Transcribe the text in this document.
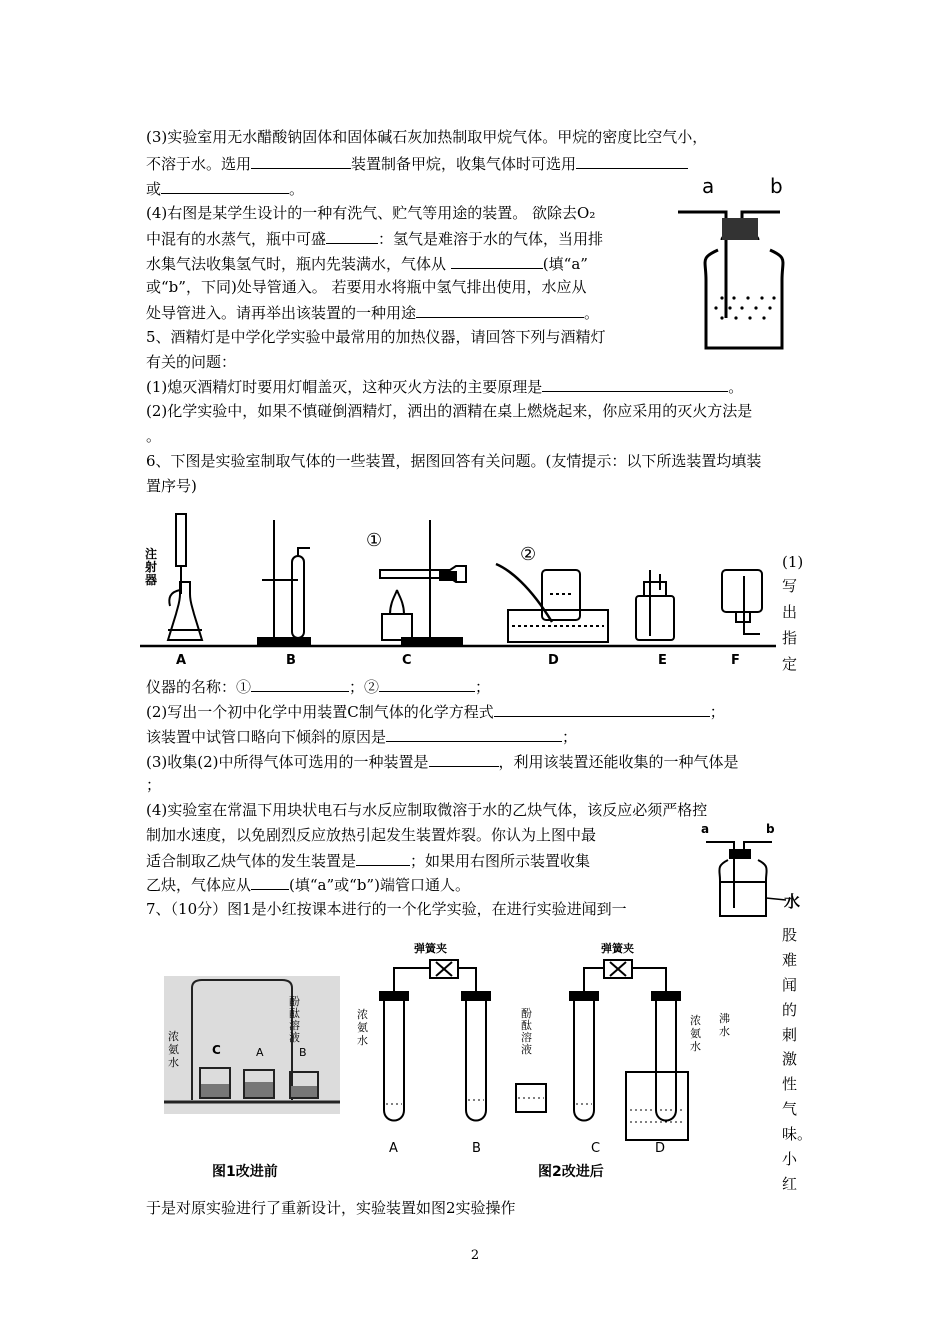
(3)实验室用无水醋酸钠固体和固体碱石灰加热制取甲烷气体。甲烷的密度比空气小，
不溶于水。选用	装置制备甲烷，收集气体时可选用
或	。
(4)右图是某学生设计的一种有洗气、贮气等用途的装置。 欲除去O₂
中混有的水蒸气，瓶中可盛	：氢气是难溶于水的气体，当用排
水集气法收集氢气时，瓶内先装满水，气体从	(填“a”
或“b”，下同)处导管通入。 若要用水将瓶中氢气排出使用，水应从
处导管进入。请再举出该装置的一种用途	。
a	b
5、酒精灯是中学化学实验中最常用的加热仪器，请回答下列与酒精灯
有关的问题：
(1)熄灭酒精灯时要用灯帽盖灭，这种灭火方法的主要原理是	。
(2)化学实验中，如果不慎碰倒酒精灯，洒出的酒精在桌上燃烧起来，你应采用的灭火方法是
。
6、下图是实验室制取气体的一些装置，据图回答有关问题。(友情提示：以下所选装置均填装
置序号)
注射器
①
②
A	B	C	D	E	F
(1)
写
出
指
定
仪器的名称：①	；②	；
(2)写出一个初中化学中用装置C制气体的化学方程式	；
该装置中试管口略向下倾斜的原因是	；
(3)收集(2)中所得气体可选用的一种装置是	，利用该装置还能收集的一种气体是
；
(4)实验室在常温下用块状电石与水反应制取微溶于水的乙炔气体，该反应必须严格控
制加水速度，以免剧烈反应放热引起发生装置炸裂。你认为上图中最
适合制取乙炔气体的发生装置是	；如果用右图所示装置收集
乙炔，气体应从	(填“a”或“b”)端管口通人。
a	b
水
7、（10分）图1是小红按课本进行的一个化学实验，在进行实验进闻到一
股
难
闻
的
刺
激
性
气
味。
小
红
浓氨水
酚酞溶液
C	A	B
弹簧夹	弹簧夹
浓氨水
酚酞溶液
浓氨水
沸水
A	B	C	D
图1改进前	图2改进后
于是对原实验进行了重新设计，实验装置如图2实验操作
2
